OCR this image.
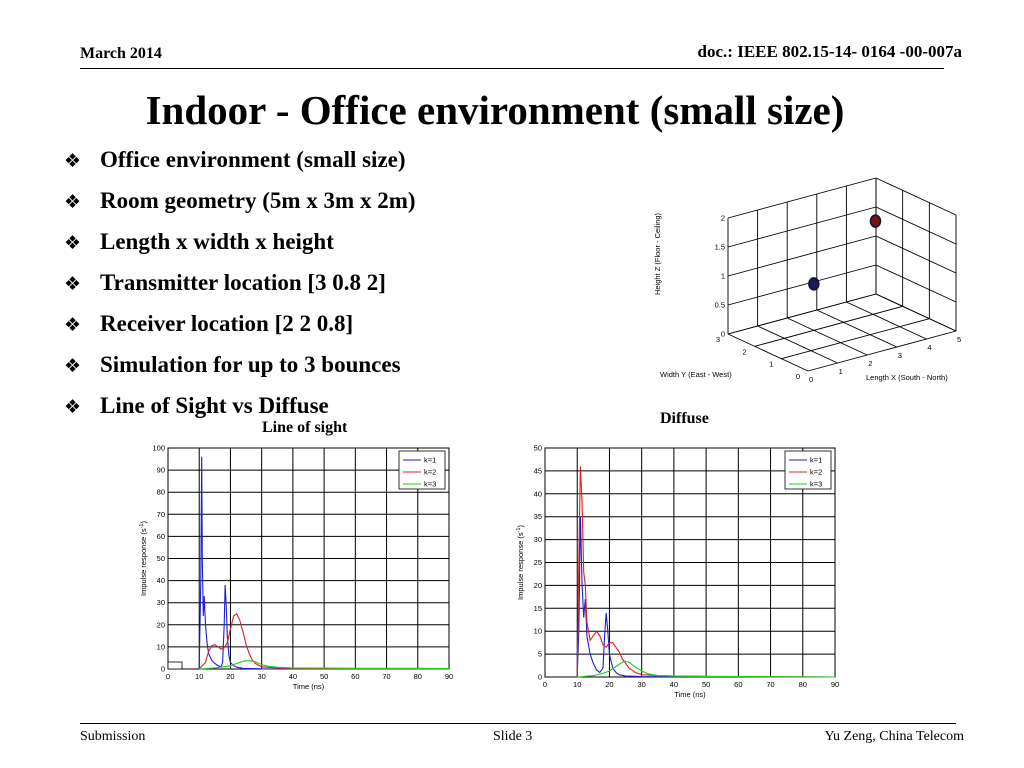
March 2014	doc.: IEEE 802.15-14- 0164 -00-007a
Indoor - Office environment (small size)
❖ Office environment (small size)
❖ Room geometry (5m x 3m x 2m)
❖ Length x width x height
❖ Transmitter location [3 0.8 2]
❖ Receiver location [2 2 0.8]
❖ Simulation for up to 3 bounces
❖ Line of Sight vs Diffuse
0
0.5
1
1.5
2
0
1
2
3
4
5
0
1
2
3
Length X (South - North)
Width Y (East - West)
Height Z (Floor - Ceiling)
Line of sight
Diffuse
0	10	20	30	40	50	60	70	80	90
0
10
20
30
40
50
60
70
80
90
100
Time (ns)
Impulse response $(s^{-1})$
k=1
k=2
k=3
0	10	20	30	40	50	60	70	80	90
0
5
10
15
20
25
30
35
40
45
50
Time (ns)
Impulse response $(s^{-1})$
k=1
k=2
k=3
Submission	Slide 3	Yu Zeng, China Telecom
